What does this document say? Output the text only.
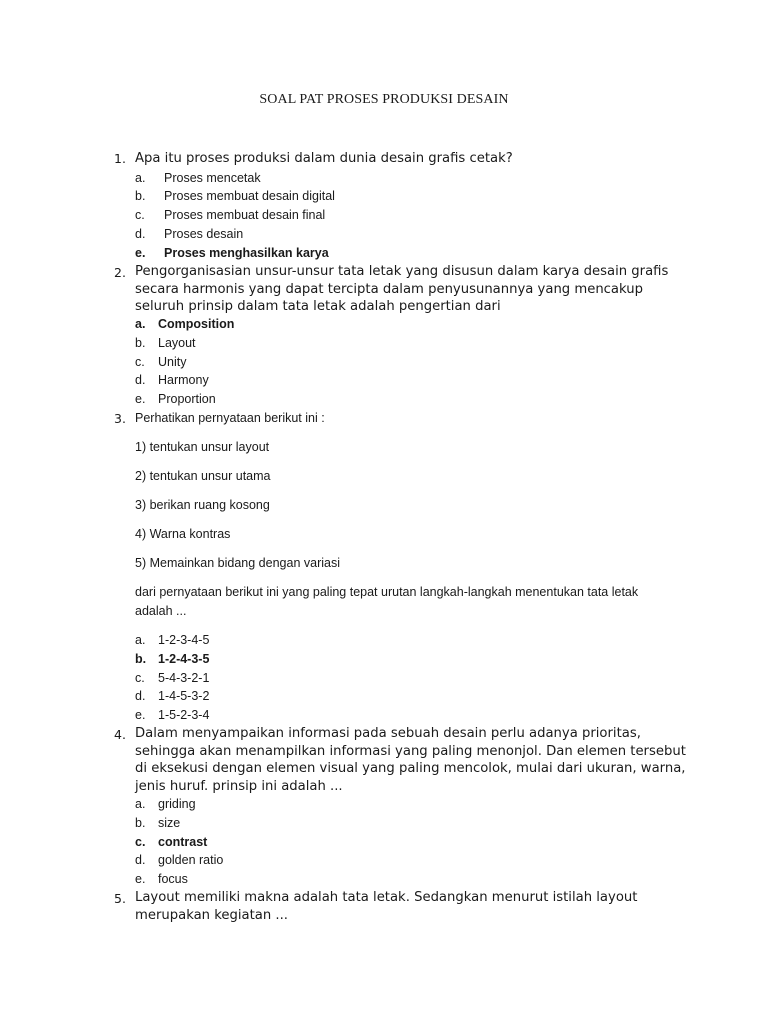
SOAL PAT PROSES PRODUKSI DESAIN
1. Apa itu proses produksi dalam dunia desain grafis cetak?
a. Proses mencetak
b. Proses membuat desain digital
c. Proses membuat desain final
d. Proses desain
e. Proses menghasilkan karya
2. Pengorganisasian unsur-unsur tata letak yang disusun dalam karya desain grafis
secara harmonis yang dapat tercipta dalam penyusunannya yang mencakup
seluruh prinsip dalam tata letak adalah pengertian dari
a. Composition
b. Layout
c. Unity
d. Harmony
e. Proportion
3. Perhatikan pernyataan berikut ini :
1) tentukan unsur layout
2) tentukan unsur utama
3) berikan ruang kosong
4) Warna kontras
5) Memainkan bidang dengan variasi
dari pernyataan berikut ini yang paling tepat urutan langkah-langkah menentukan tata letak
adalah ...
a. 1-2-3-4-5
b. 1-2-4-3-5
c. 5-4-3-2-1
d. 1-4-5-3-2
e. 1-5-2-3-4
4. Dalam menyampaikan informasi pada sebuah desain perlu adanya prioritas,
sehingga akan menampilkan informasi yang paling menonjol. Dan elemen tersebut
di eksekusi dengan elemen visual yang paling mencolok, mulai dari ukuran, warna,
jenis huruf. prinsip ini adalah ...
a. griding
b. size
c. contrast
d. golden ratio
e. focus
5. Layout memiliki makna adalah tata letak. Sedangkan menurut istilah layout
merupakan kegiatan ...
